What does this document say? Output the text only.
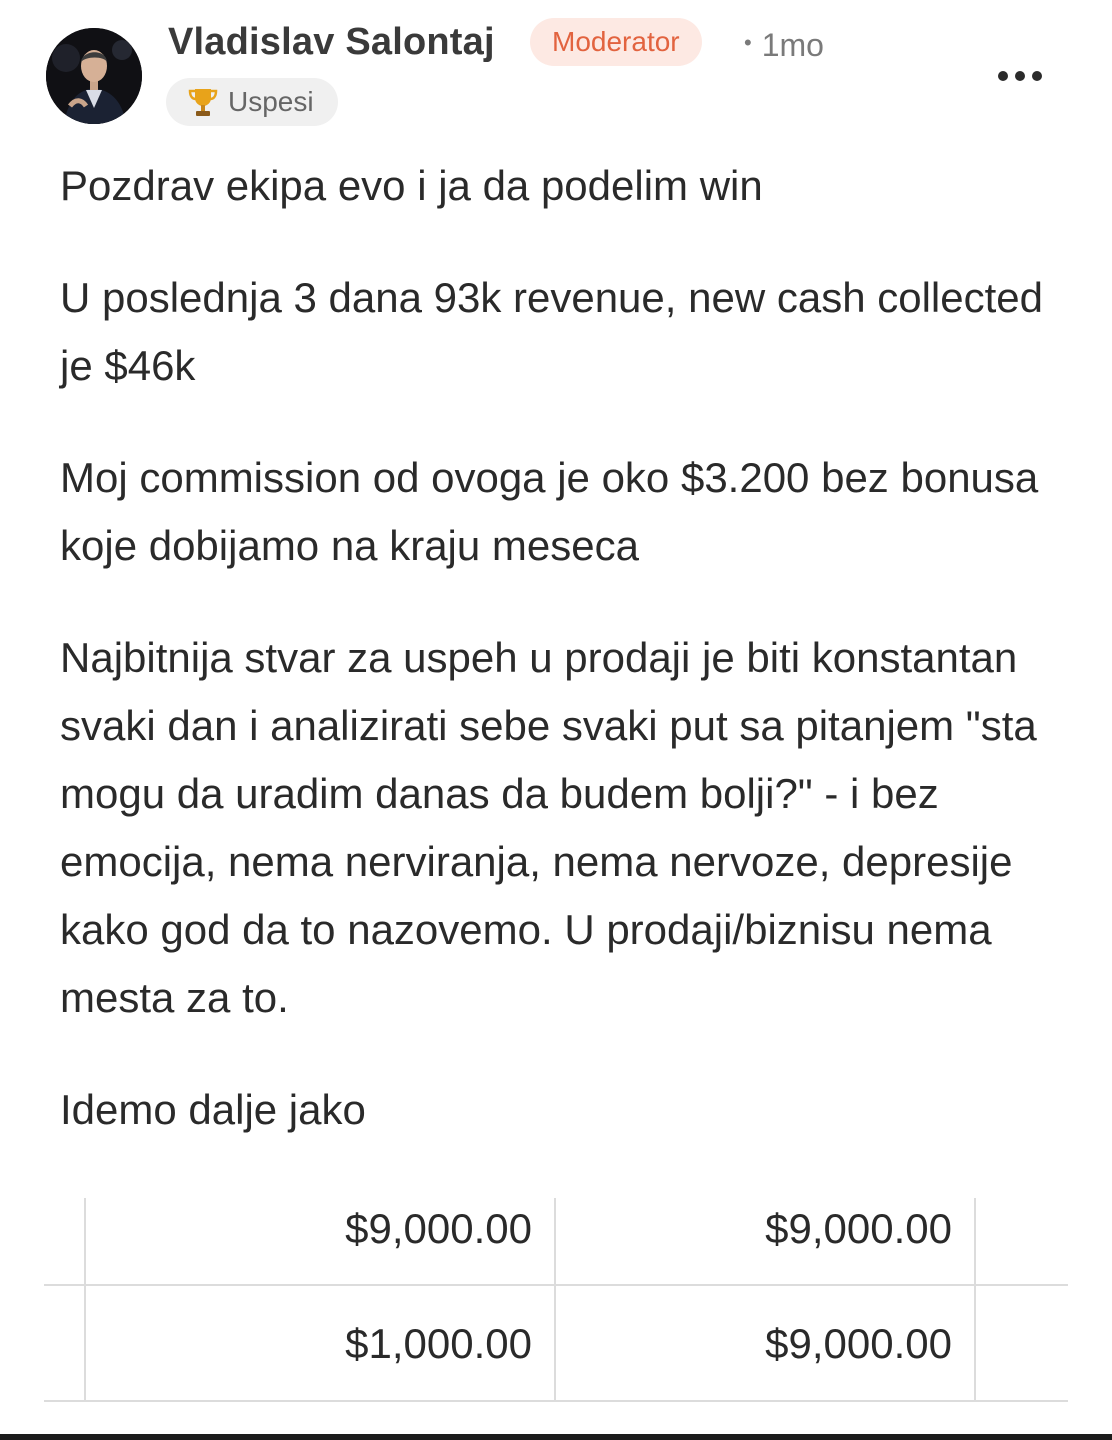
Vladislav Salontaj	Moderator	• 1mo
Uspesi

Pozdrav ekipa evo i ja da podelim win

U poslednja 3 dana 93k revenue, new cash collected je $46k

Moj commission od ovoga je oko $3.200 bez bonusa koje dobijamo na kraju meseca

Najbitnija stvar za uspeh u prodaji je biti konstantan svaki dan i analizirati sebe svaki put sa pitanjem "sta mogu da uradim danas da budem bolji?" - i bez emocija, nema nerviranja, nema nervoze, depresije kako god da to nazovemo. U prodaji/biznisu nema mesta za to.

Idemo dalje jako

$9,000.00	$9,000.00
$1,000.00	$9,000.00
